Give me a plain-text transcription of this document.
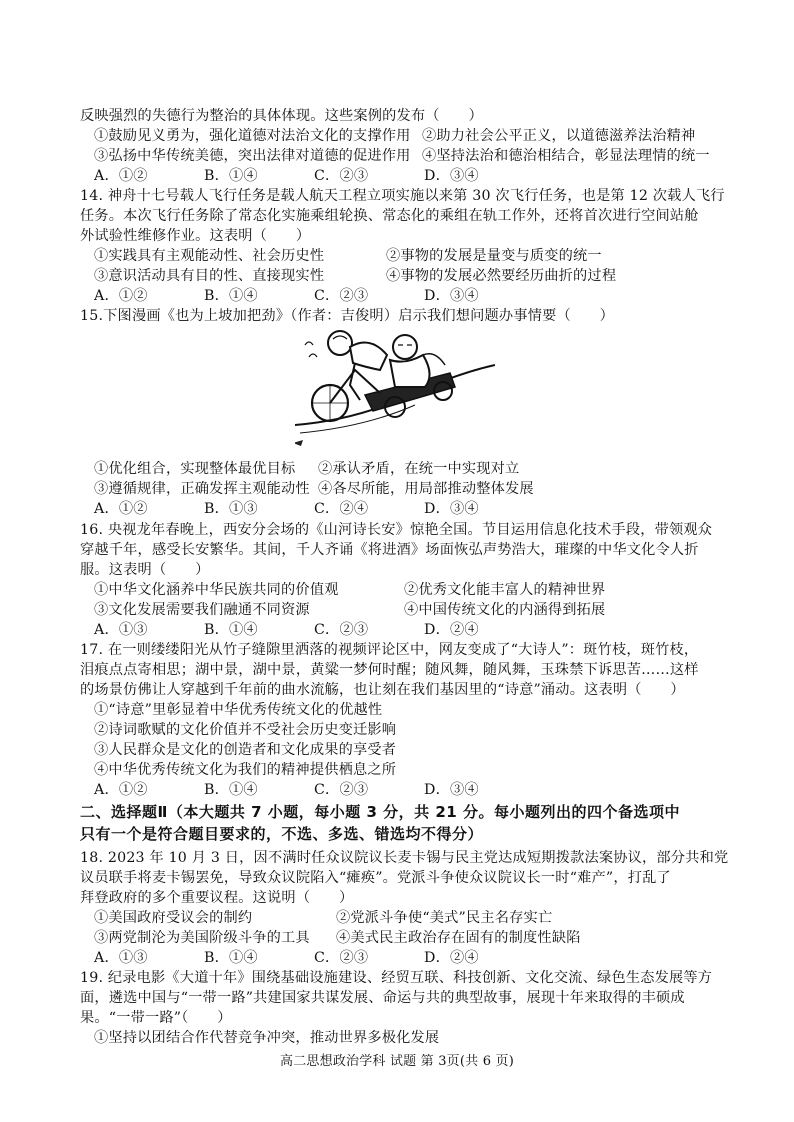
反映强烈的失德行为整治的具体体现。这些案例的发布（　　）
①鼓励见义勇为，强化道德对法治文化的支撑作用 ②助力社会公平正义，以道德滋养法治精神
③弘扬中华传统美德，突出法律对道德的促进作用 ④坚持法治和德治相结合，彰显法理情的统一
A．①②	B．①④	C．②③	D．③④
14. 神舟十七号载人飞行任务是载人航天工程立项实施以来第 30 次飞行任务，也是第 12 次载人飞行
任务。本次飞行任务除了常态化实施乘组轮换、常态化的乘组在轨工作外，还将首次进行空间站舱
外试验性维修作业。这表明（　　）
①实践具有主观能动性、社会历史性	②事物的发展是量变与质变的统一
③意识活动具有目的性、直接现实性	④事物的发展必然要经历曲折的过程
A．①②	B．①④	C．②③	D．③④
15.下图漫画《也为上坡加把劲》（作者：吉俊明）启示我们想问题办事情要（　　）
①优化组合，实现整体最优目标 ②承认矛盾，在统一中实现对立
③遵循规律，正确发挥主观能动性 ④各尽所能，用局部推动整体发展
A．①②	B．①③	C．②④	D．③④
16. 央视龙年春晚上，西安分会场的《山河诗长安》惊艳全国。节目运用信息化技术手段，带领观众
穿越千年，感受长安繁华。其间，千人齐诵《将进酒》场面恢弘声势浩大，璀璨的中华文化令人折
服。这表明（　　）
①中华文化涵养中华民族共同的价值观	②优秀文化能丰富人的精神世界
③文化发展需要我们融通不同资源	④中国传统文化的内涵得到拓展
A．①③	B．①④	C．②③	D．②④
17. 在一则缕缕阳光从竹子缝隙里洒落的视频评论区中，网友变成了“大诗人”：斑竹枝，斑竹枝，
泪痕点点寄相思；湖中景，湖中景，黄粱一梦何时醒；随风舞，随风舞，玉珠禁下诉思苦……这样
的场景仿佛让人穿越到千年前的曲水流觞，也让刻在我们基因里的“诗意”涌动。这表明（　　）
①“诗意”里彰显着中华优秀传统文化的优越性
②诗词歌赋的文化价值并不受社会历史变迁影响
③人民群众是文化的创造者和文化成果的享受者
④中华优秀传统文化为我们的精神提供栖息之所
A．①②	B．①④	C．②③	D．③④
二、选择题Ⅱ（本大题共 7 小题，每小题 3 分，共 21 分。每小题列出的四个备选项中
只有一个是符合题目要求的，不选、多选、错选均不得分）
18. 2023 年 10 月 3 日，因不满时任众议院议长麦卡锡与民主党达成短期拨款法案协议，部分共和党
议员联手将麦卡锡罢免，导致众议院陷入“瘫痪”。党派斗争使众议院议长一时“难产”，打乱了
拜登政府的多个重要议程。这说明（　　）
①美国政府受议会的制约	②党派斗争使“美式”民主名存实亡
③两党制沦为美国阶级斗争的工具 ④美式民主政治存在固有的制度性缺陷
A．①③	B．①④	C．②③	D．②④
19. 纪录电影《大道十年》围绕基础设施建设、经贸互联、科技创新、文化交流、绿色生态发展等方
面，遴选中国与“一带一路”共建国家共谋发展、命运与共的典型故事，展现十年来取得的丰硕成
果。“一带一路”（　　）
①坚持以团结合作代替竞争冲突，推动世界多极化发展
高二思想政治学科 试题 第 3页(共 6 页)
